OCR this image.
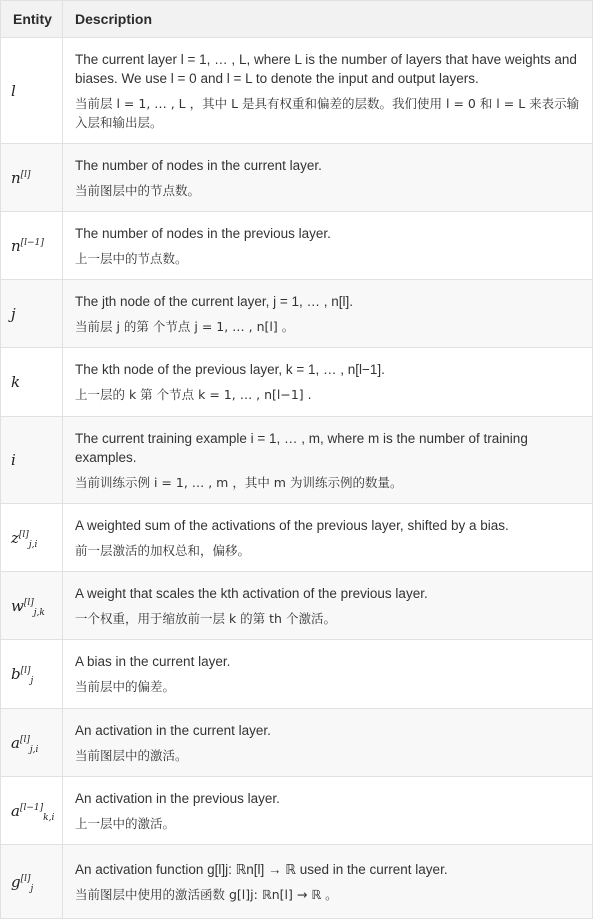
Entity	Description
l	The current layer l = 1, … , L, where L is the number of layers that have weights and biases. We use l = 0 and l = L to denote the input and output layers.
当前层 l = 1, … , L ，其中 L 是具有权重和偏差的层数。我们使用 l = 0 和 l = L 来表示输入层和输出层。

n[l]	The number of nodes in the current layer.
当前图层中的节点数。

n[l−1]	The number of nodes in the previous layer.
上一层中的节点数。

j	The jth node of the current layer, j = 1, … , n[l].
当前层 j 的第 个节点 j = 1, … , n[l] 。

k	The kth node of the previous layer, k = 1, … , n[l−1].
上一层的 k 第 个节点 k = 1, … , n[l−1] .

i	The current training example i = 1, … , m, where m is the number of training examples.
当前训练示例 i = 1, … , m ，其中 m 为训练示例的数量。

$z[l]_{j,i}$	A weighted sum of the activations of the previous layer, shifted by a bias.
前一层激活的加权总和，偏移。

$w[l]_{j,k}$	A weight that scales the kth activation of the previous layer.
一个权重，用于缩放前一层 k 的第 th 个激活。

$b[l]_j$	A bias in the current layer.
当前层中的偏差。

$a[l]_{j,i}$	An activation in the current layer.
当前图层中的激活。

$a[l-1]_{k,i}$	An activation in the previous layer.
上一层中的激活。

$g[l]_j$	An activation function g[l]j: ℝn[l] → ℝ used in the current layer.
当前图层中使用的激活函数 g[l]j: ℝn[l] → ℝ 。
